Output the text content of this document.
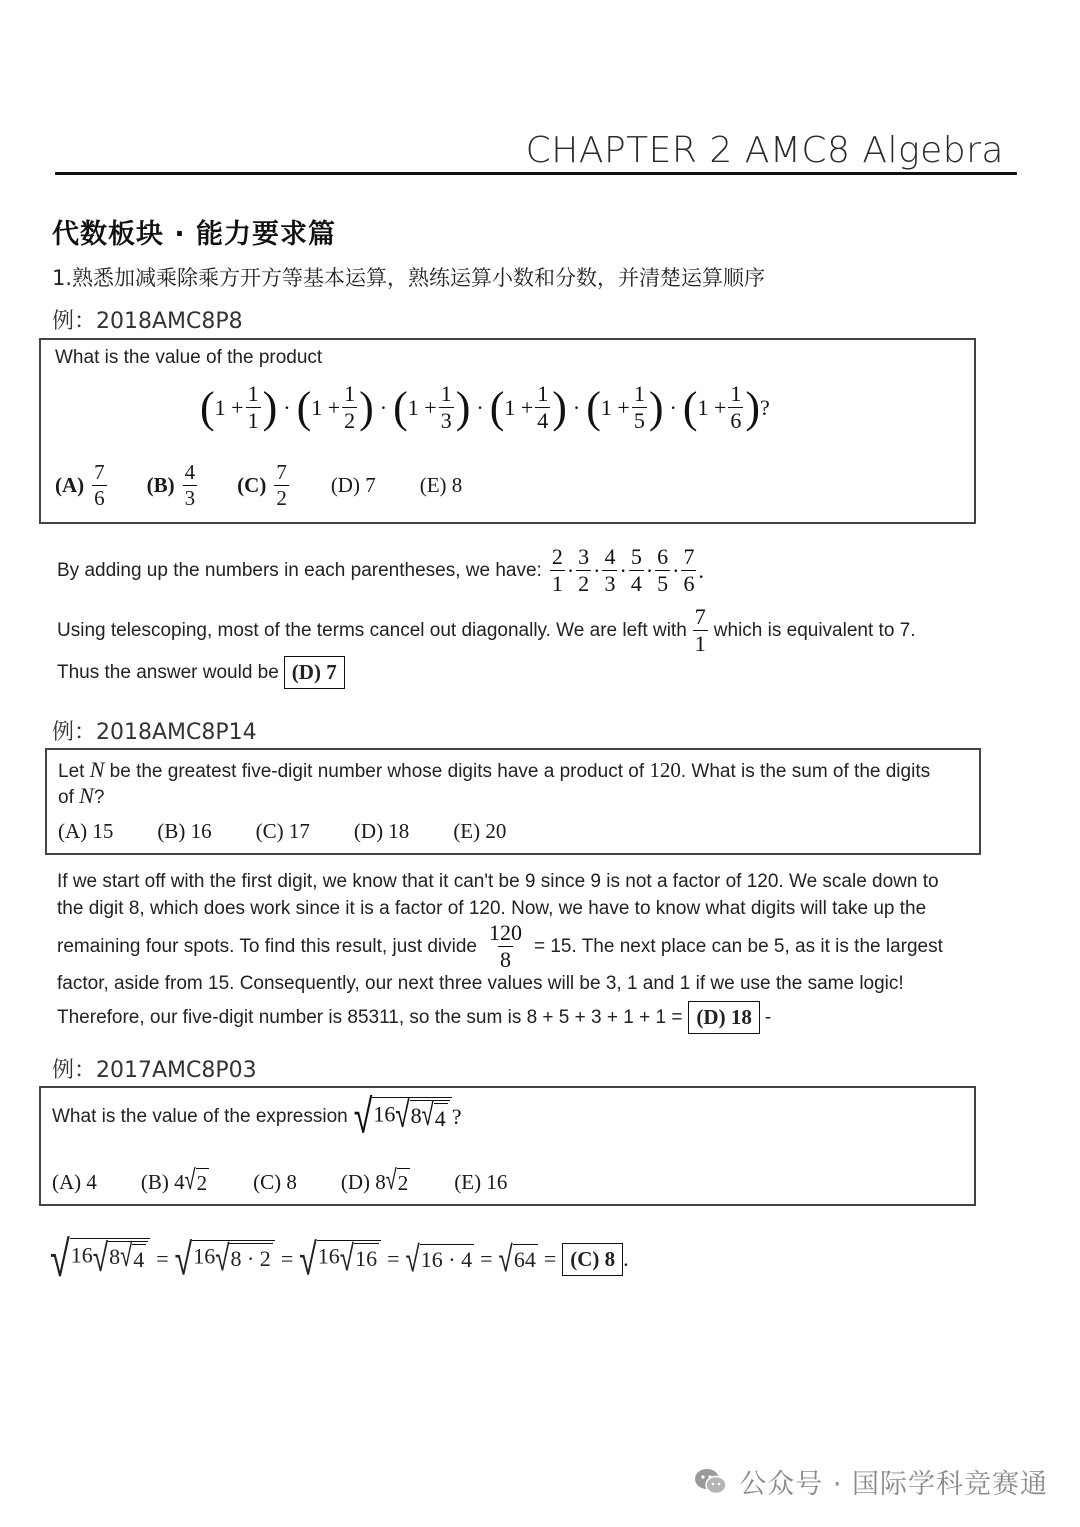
CHAPTER 2 AMC8 Algebra
代数板块 · 能力要求篇
1.熟悉加减乘除乘方开方等基本运算，熟练运算小数和分数，并清楚运算顺序
例：2018AMC8P8
What is the value of the product
( $1 + \frac{1}{1}$ ) · ( $1 + \frac{1}{2}$ ) · ( $1 + \frac{1}{3}$ ) · ( $1 + \frac{1}{4}$ ) · ( $1 + \frac{1}{5}$ ) · ( $1 + \frac{1}{6}$ ) ?
$(A) \frac{7}{6} (B) \frac{4}{3} (C) \frac{7}{2} (D)$ 7 (E) 8
By adding up the numbers in each parentheses, we have: $\frac{2}{1} \cdot \frac{3}{2} \cdot \frac{4}{3} \cdot \frac{5}{4} \cdot \frac{6}{5} \cdot \frac{7}{6}$ .
Using telescoping, most of the terms cancel out diagonally. We are left with $\frac{7}{1}$ which is equivalent to 7.
Thus the answer would be (D) 7
例：2018AMC8P14
Let N be the greatest five-digit number whose digits have a product of 120. What is the sum of the digits
of N?
(A) 15 (B) 16 (C) 17 (D) 18 (E) 20
If we start off with the first digit, we know that it can't be 9 since 9 is not a factor of 120. We scale down to
the digit 8, which does work since it is a factor of 120. Now, we have to know what digits will take up the
remaining four spots. To find this result, just divide $\frac{120}{8} = 15$. The next place can be 5, as it is the largest
factor, aside from 15. Consequently, our next three values will be 3, 1 and 1 if we use the same logic!
Therefore, our five-digit number is 85311, so the sum is 8 + 5 + 3 + 1 + 1 = (D) 18 -
例：2017AMC8P03
What is the value of the expression √ 16 √ 8 √ 4 ?
(A) 4 (B) 4 √ 2 (C) 8 (D) 8 √ 2 (E) 16
√ 16 √ 8 √ 4 = √ 16 √ 8 · 2 = √ 16 √ 16 = √ 16 · 4 = √ 64 = (C) 8 .
公众号 · 国际学科竞赛通
